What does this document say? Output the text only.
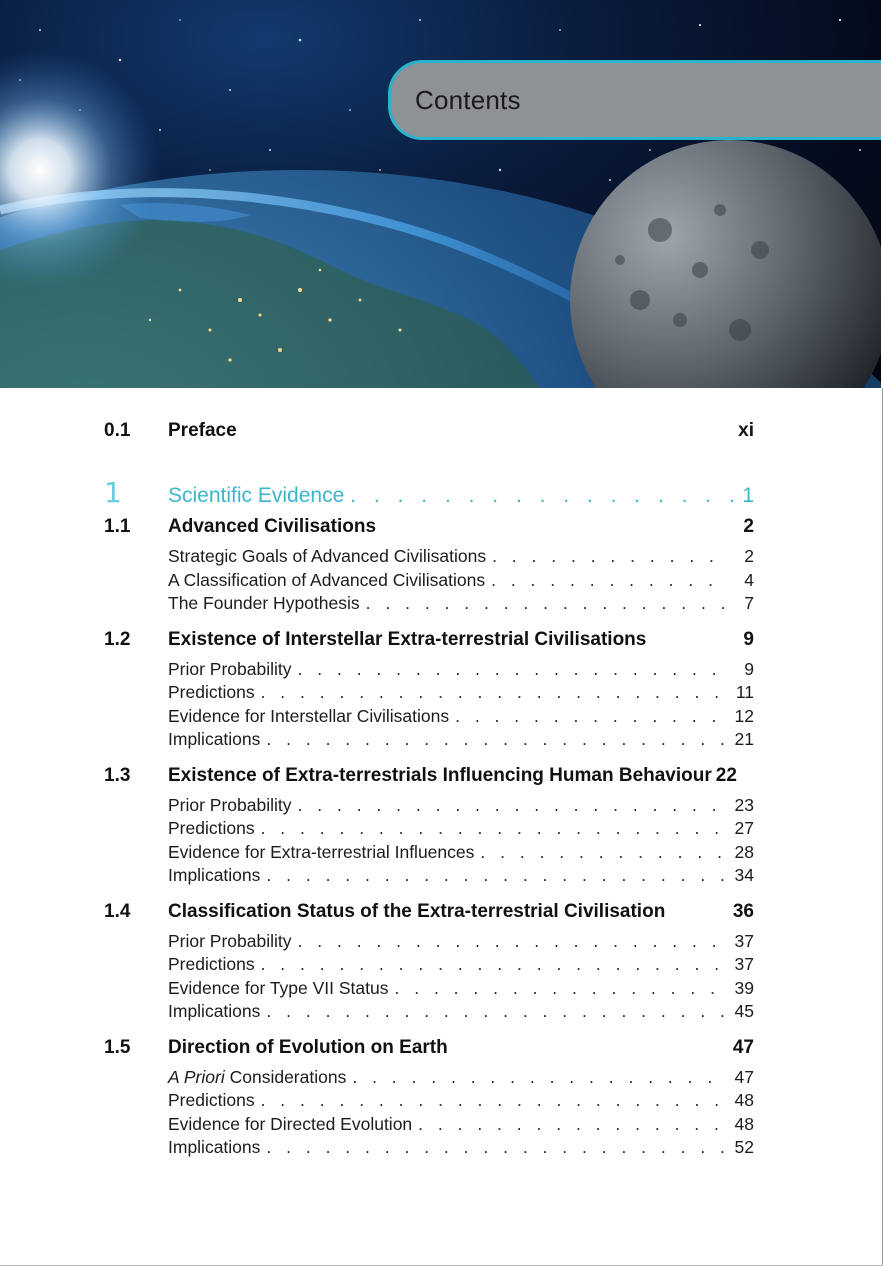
Contents
0.1	Preface	xi
1	Scientific Evidence . . .	1
1.1	Advanced Civilisations	2
Strategic Goals of Advanced Civilisations . . .	2
A Classification of Advanced Civilisations . . .	4
The Founder Hypothesis . . .	7
1.2	Existence of Interstellar Extra-terrestrial Civilisations	9
Prior Probability . . .	9
Predictions . . .	11
Evidence for Interstellar Civilisations . . .	12
Implications . . .	21
1.3	Existence of Extra-terrestrials Influencing Human Behaviour 22
Prior Probability . . .	23
Predictions . . .	27
Evidence for Extra-terrestrial Influences . . .	28
Implications . . .	34
1.4	Classification Status of the Extra-terrestrial Civilisation	36
Prior Probability . . .	37
Predictions . . .	37
Evidence for Type VII Status . . .	39
Implications . . .	45
1.5	Direction of Evolution on Earth	47
A Priori Considerations . . .	47
Predictions . . .	48
Evidence for Directed Evolution . . .	48
Implications . . .	52
